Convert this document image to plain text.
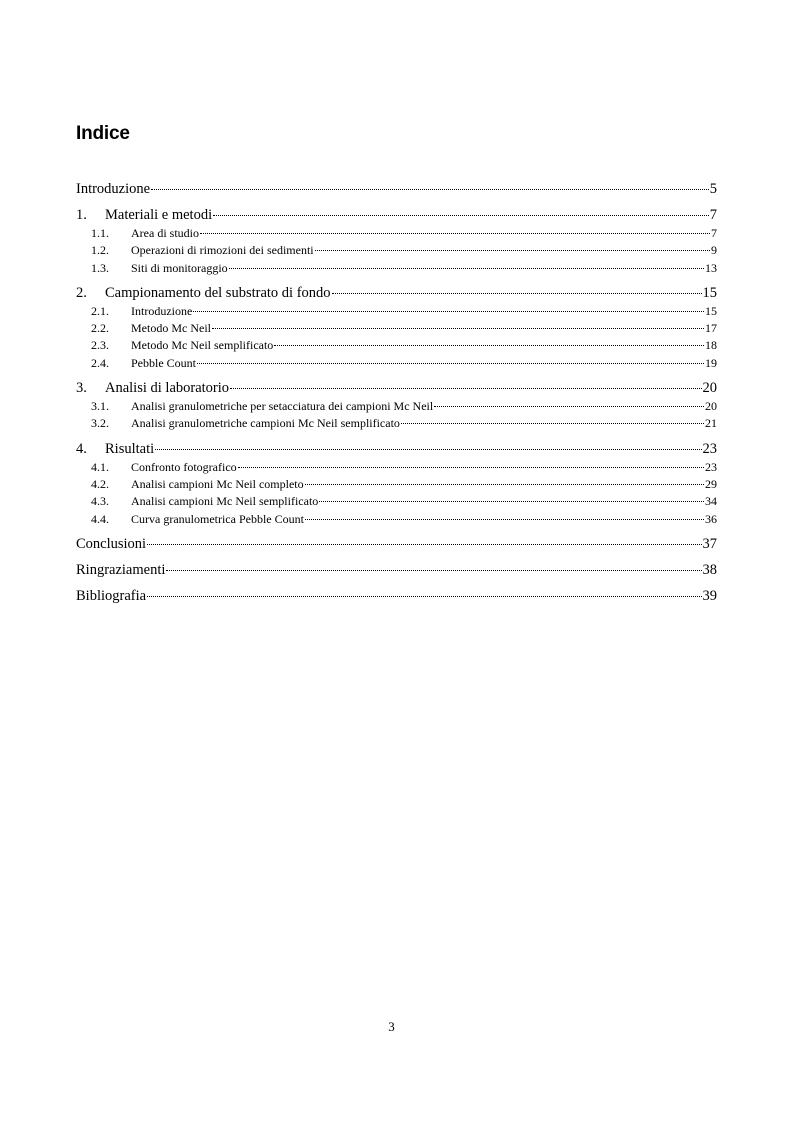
Indice
Introduzione	5
1.	Materiali e metodi	7
1.1.	Area di studio	7
1.2.	Operazioni di rimozioni dei sedimenti	9
1.3.	Siti di monitoraggio	13
2.	Campionamento del substrato di fondo	15
2.1.	Introduzione	15
2.2.	Metodo Mc Neil	17
2.3.	Metodo Mc Neil semplificato	18
2.4.	Pebble Count	19
3.	Analisi di laboratorio	20
3.1.	Analisi granulometriche per setacciatura dei campioni Mc Neil	20
3.2.	Analisi granulometriche campioni Mc Neil semplificato	21
4.	Risultati	23
4.1.	Confronto fotografico	23
4.2.	Analisi campioni Mc Neil completo	29
4.3.	Analisi campioni Mc Neil semplificato	34
4.4.	Curva granulometrica Pebble Count	36
Conclusioni	37
Ringraziamenti	38
Bibliografia	39
3
